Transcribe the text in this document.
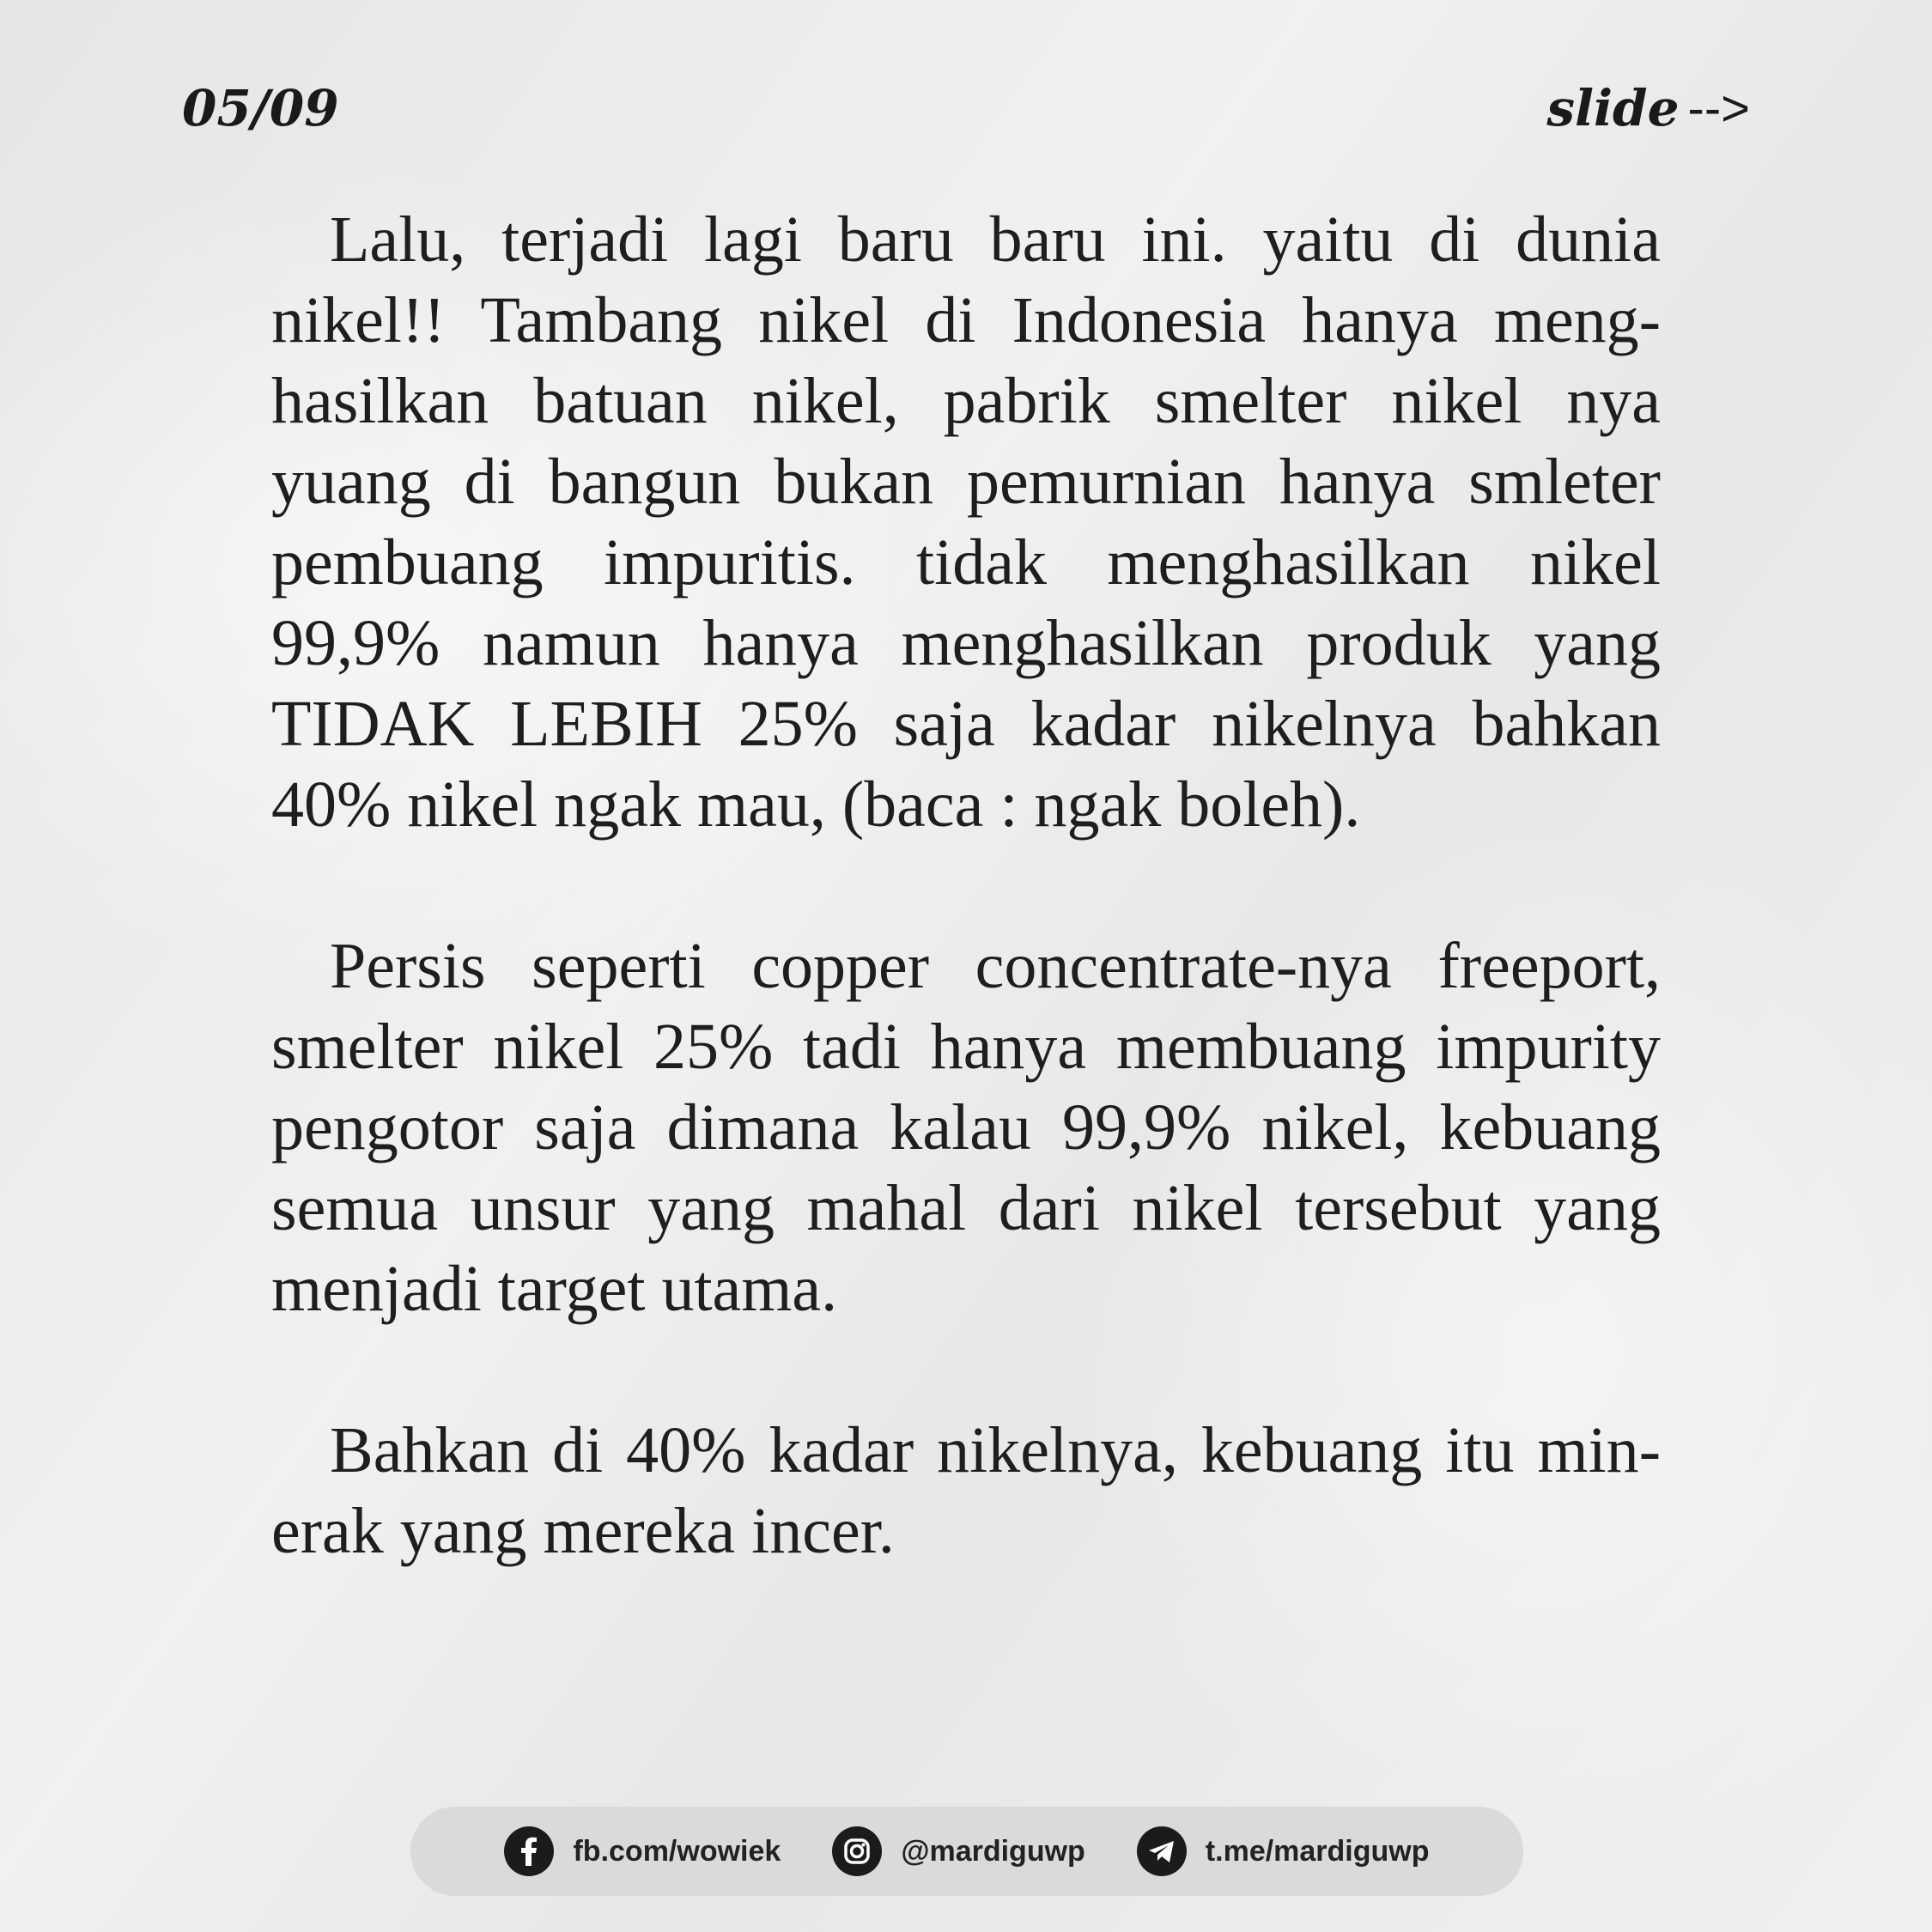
05/09	slide -->

Lalu, terjadi lagi baru baru ini. yaitu di dunia nikel!! Tambang nikel di Indonesia hanya menghasilkan batuan nikel, pabrik smelter nikel nya yuang di bangun bukan pemurnian hanya smleter pembuang impuritis. tidak menghasilkan nikel 99,9% namun hanya menghasilkan produk yang TIDAK LEBIH 25% saja kadar nikelnya bahkan 40% nikel ngak mau, (baca : ngak boleh).

Persis seperti copper concentrate-nya freeport, smelter nikel 25% tadi hanya membuang impurity pengotor saja dimana kalau 99,9% nikel, kebuang semua unsur yang mahal dari nikel tersebut yang menjadi target utama.

Bahkan di 40% kadar nikelnya, kebuang itu minerak yang mereka incer.

fb.com/wowiek	@mardiguwp	t.me/mardiguwp
